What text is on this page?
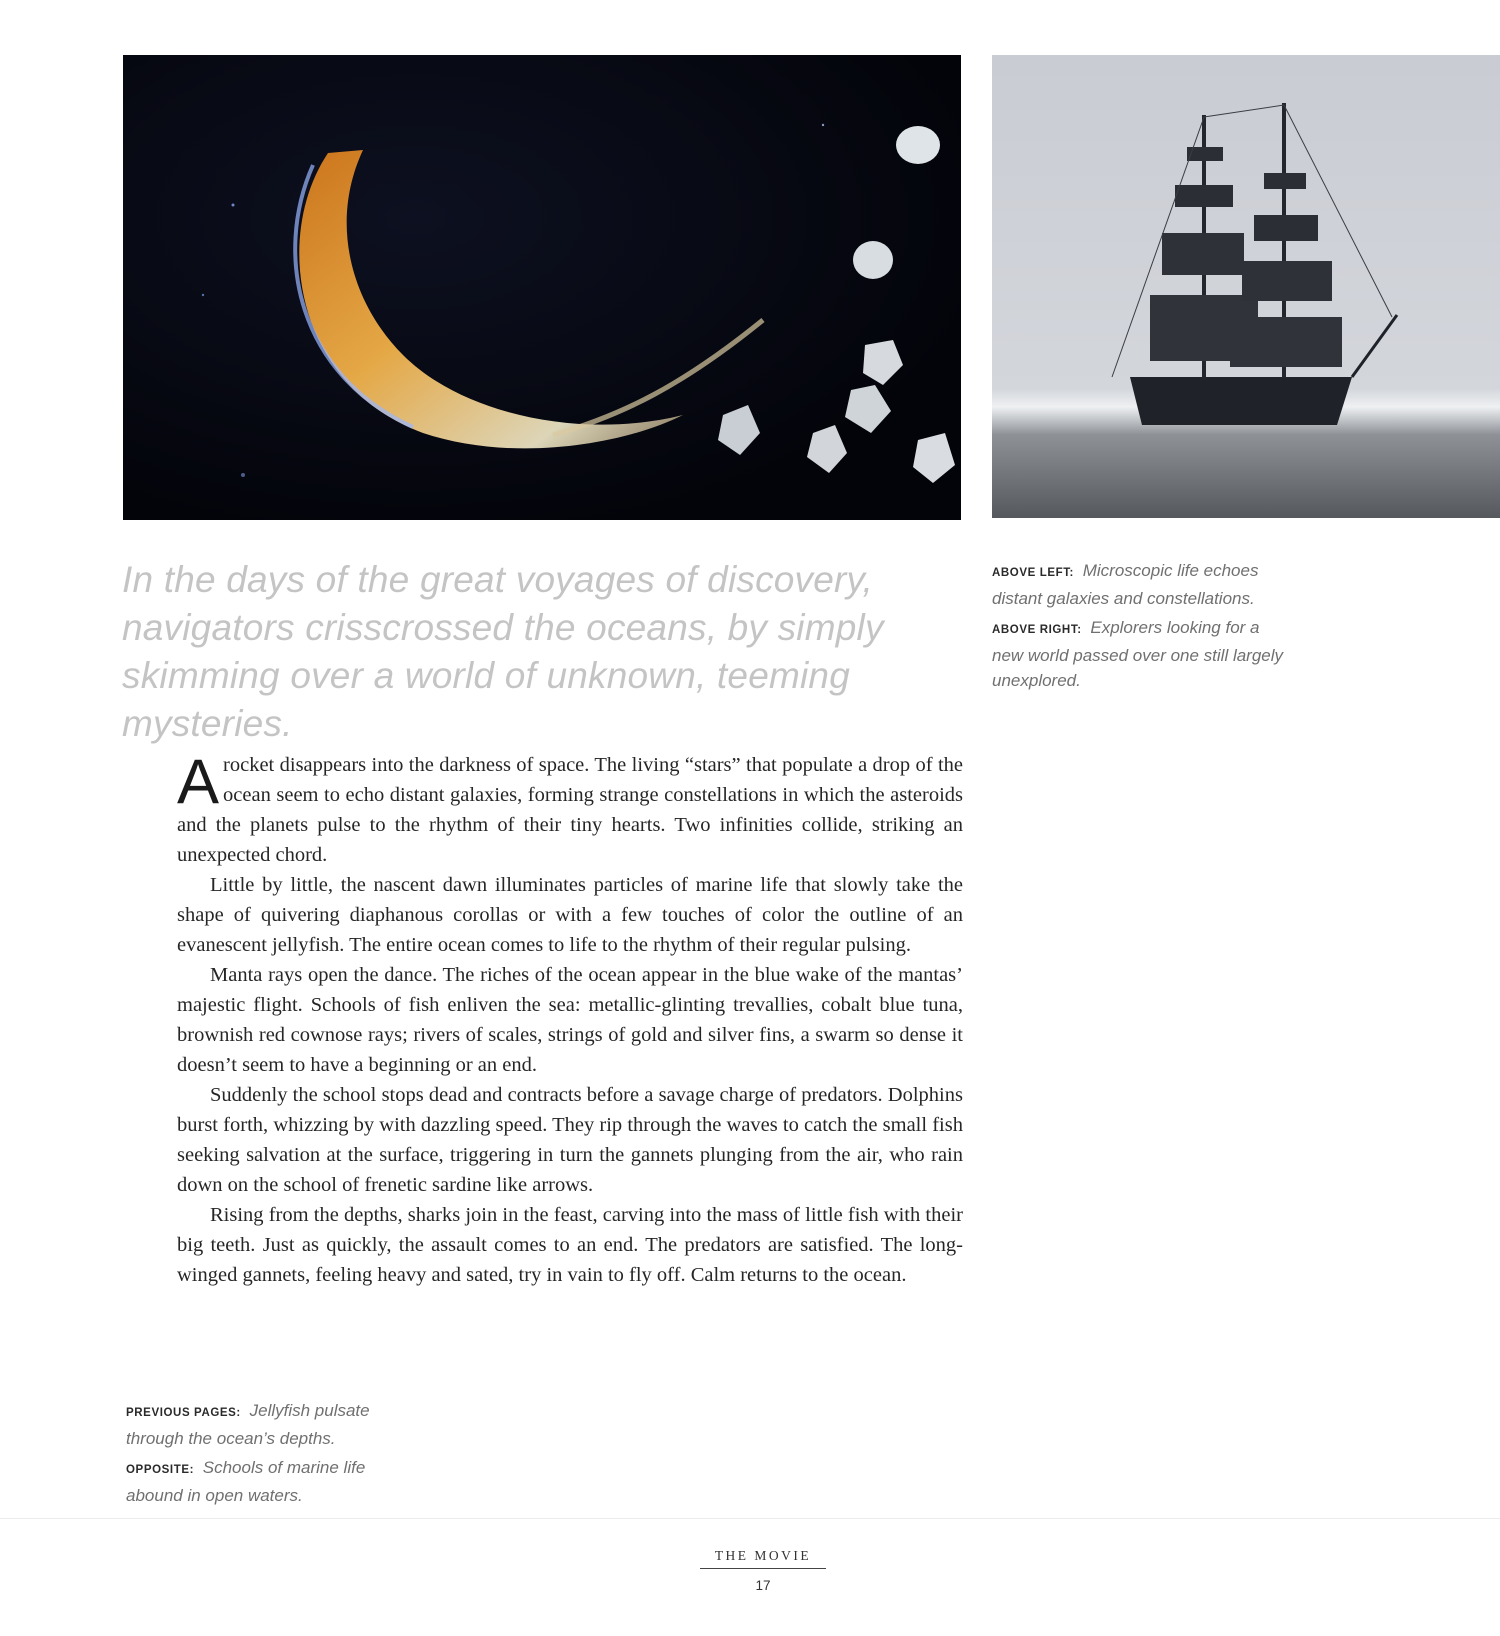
In the days of the great voyages of discovery, navigators crisscrossed the oceans, by simply skimming over a world of unknown, teeming mysteries.

A rocket disappears into the darkness of space. The living “stars” that populate a drop of the ocean seem to echo distant galaxies, forming strange constellations in which the asteroids and the planets pulse to the rhythm of their tiny hearts. Two infinities collide, striking an unexpected chord.

Little by little, the nascent dawn illuminates particles of marine life that slowly take the shape of quivering diaphanous corollas or with a few touches of color the outline of an evanescent jellyfish. The entire ocean comes to life to the rhythm of their regular pulsing.

Manta rays open the dance. The riches of the ocean appear in the blue wake of the mantas’ majestic flight. Schools of fish enliven the sea: metallic-glinting trevallies, cobalt blue tuna, brownish red cownose rays; rivers of scales, strings of gold and silver fins, a swarm so dense it doesn’t seem to have a beginning or an end.

Suddenly the school stops dead and contracts before a savage charge of predators. Dolphins burst forth, whizzing by with dazzling speed. They rip through the waves to catch the small fish seeking salvation at the surface, triggering in turn the gannets plunging from the air, who rain down on the school of frenetic sardine like arrows.

Rising from the depths, sharks join in the feast, carving into the mass of little fish with their big teeth. Just as quickly, the assault comes to an end. The predators are satisfied. The long-winged gannets, feeling heavy and sated, try in vain to fly off. Calm returns to the ocean.

ABOVE LEFT: Microscopic life echoes distant galaxies and constellations.
ABOVE RIGHT: Explorers looking for a new world passed over one still largely unexplored.
PREVIOUS PAGES: Jellyfish pulsate through the ocean’s depths.
OPPOSITE: Schools of marine life abound in open waters.
THE MOVIE
17
